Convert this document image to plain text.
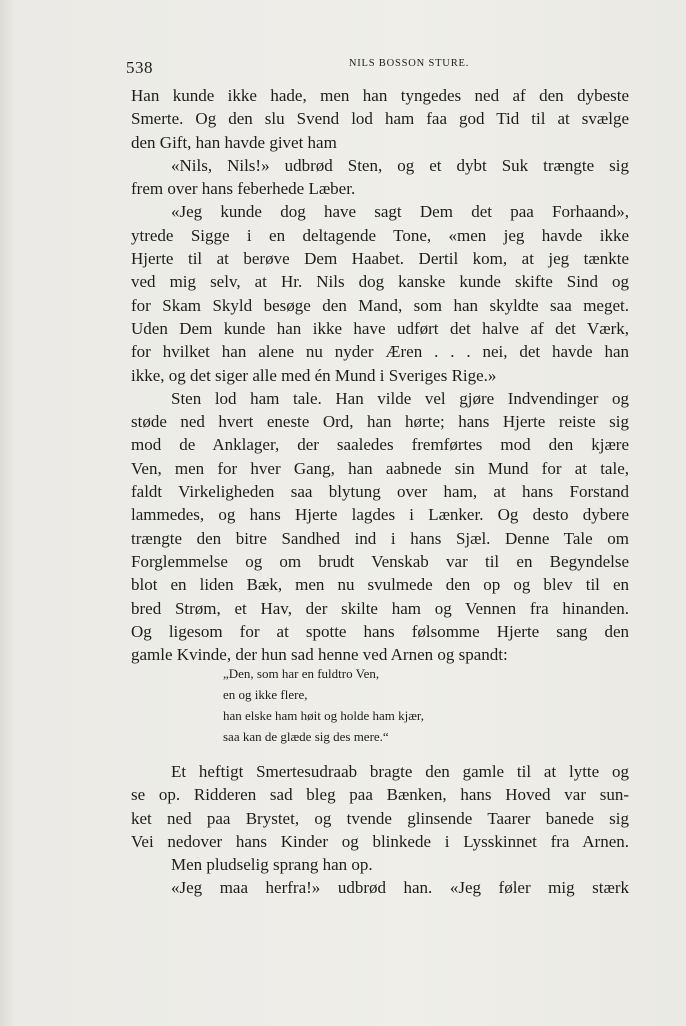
538	NILS BOSSON STURE.
Han kunde ikke hade, men han tyngedes ned af den dybeste
Smerte. Og den slu Svend lod ham faa god Tid til at svælge
den Gift, han havde givet ham
«Nils, Nils!» udbrød Sten, og et dybt Suk trængte sig
frem over hans feberhede Læber.
«Jeg kunde dog have sagt Dem det paa Forhaand»,
ytrede Sigge i en deltagende Tone, «men jeg havde ikke
Hjerte til at berøve Dem Haabet. Dertil kom, at jeg tænkte
ved mig selv, at Hr. Nils dog kanske kunde skifte Sind og
for Skam Skyld besøge den Mand, som han skyldte saa meget.
Uden Dem kunde han ikke have udført det halve af det Værk,
for hvilket han alene nu nyder Æren . . . nei, det havde han
ikke, og det siger alle med én Mund i Sveriges Rige.»
Sten lod ham tale. Han vilde vel gjøre Indvendinger og
støde ned hvert eneste Ord, han hørte; hans Hjerte reiste sig
mod de Anklager, der saaledes fremførtes mod den kjære
Ven, men for hver Gang, han aabnede sin Mund for at tale,
faldt Virkeligheden saa blytung over ham, at hans Forstand
lammedes, og hans Hjerte lagdes i Lænker. Og desto dybere
trængte den bitre Sandhed ind i hans Sjæl. Denne Tale om
Forglemmelse og om brudt Venskab var til en Begyndelse
blot en liden Bæk, men nu svulmede den op og blev til en
bred Strøm, et Hav, der skilte ham og Vennen fra hinanden.
Og ligesom for at spotte hans følsomme Hjerte sang den
gamle Kvinde, der hun sad henne ved Arnen og spandt:
„Den, som har en fuldtro Ven,
en og ikke flere,
han elske ham høit og holde ham kjær,
saa kan de glæde sig des mere.“
Et heftigt Smertesudraab bragte den gamle til at lytte og
se op. Ridderen sad bleg paa Bænken, hans Hoved var sun-
ket ned paa Brystet, og tvende glinsende Taarer banede sig
Vei nedover hans Kinder og blinkede i Lysskinnet fra Arnen.
Men pludselig sprang han op.
«Jeg maa herfra!» udbrød han. «Jeg føler mig stærk
